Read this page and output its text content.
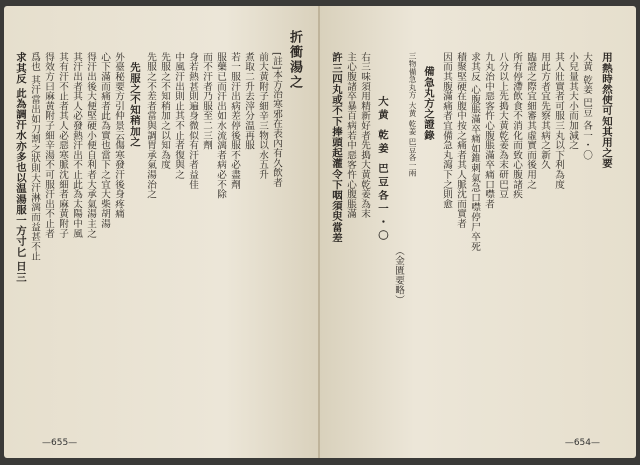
求其反 此為調汗水亦多也以温湯服一方寸匕 日三 爲也 其汗當出如刀割之狀則大汗淋漓而益甚不止 得效方曰麻黄附子細辛湯不可服汗出不止者 其有汗不止者其人必惡寒脈沈細者麻黄附子 其汗出者其人必發熱汗出不止此為太陽中風 得汗出後大便堅硬小便自利者大承氣湯主之 心下滿而痛者此為實也當下之宜大柴胡湯 外臺秘要方引仲景云傷寒發汗後身疼痛 先服之不知稍加之 先服之不差者當與調胃承氣湯治之 先服之不知稍加之以知為度 中風汗出則止其不止者復與之 身若熱甚則遍身微似有汗者益佳 而不汗者乃服至二三劑 服藥已而汗出如水流漓者病必不除 若一服汗出病差停後服不必盡劑 煮取二升去滓分温再服 前大黄附子細辛三物以水五升 [註]本方治寒邪在表內有久飲者 折衝湯之
—655—
許三四丸或不下捧頭起灌令下咽須臾當差 主心腹諸卒暴百病若中惡客忤心腹脹滿 右三味須用精新好者先搗大黄乾姜為末 大黄 乾姜 巴豆各一・〇
（金匱要略）
三物備急丸方 大黄 乾姜 巴豆各一兩 備急丸方之證錄 因而其腹滿痛者宜備急丸瀉下之則愈 積聚堅硬在腹中按之痛者其人脈沈而實者 求其反 心腹脹滿卒痛如錐刺氣急口噤停尸卒死 九丸治中惡客忤心腹脹滿卒痛口噤者 八分以上先搗大黄乾姜為末研巴豆 所有停滯飲食不消化而致心腹諸疾 臨證之際宜細審其虛實而後用之 用此方者宜先察其病之新久 其人壯實者可服三丸以下利為度 小兒量其大小而加減之 大黄 乾姜 巴豆 各一・〇 用熱時然使可知其用之要
—654—
